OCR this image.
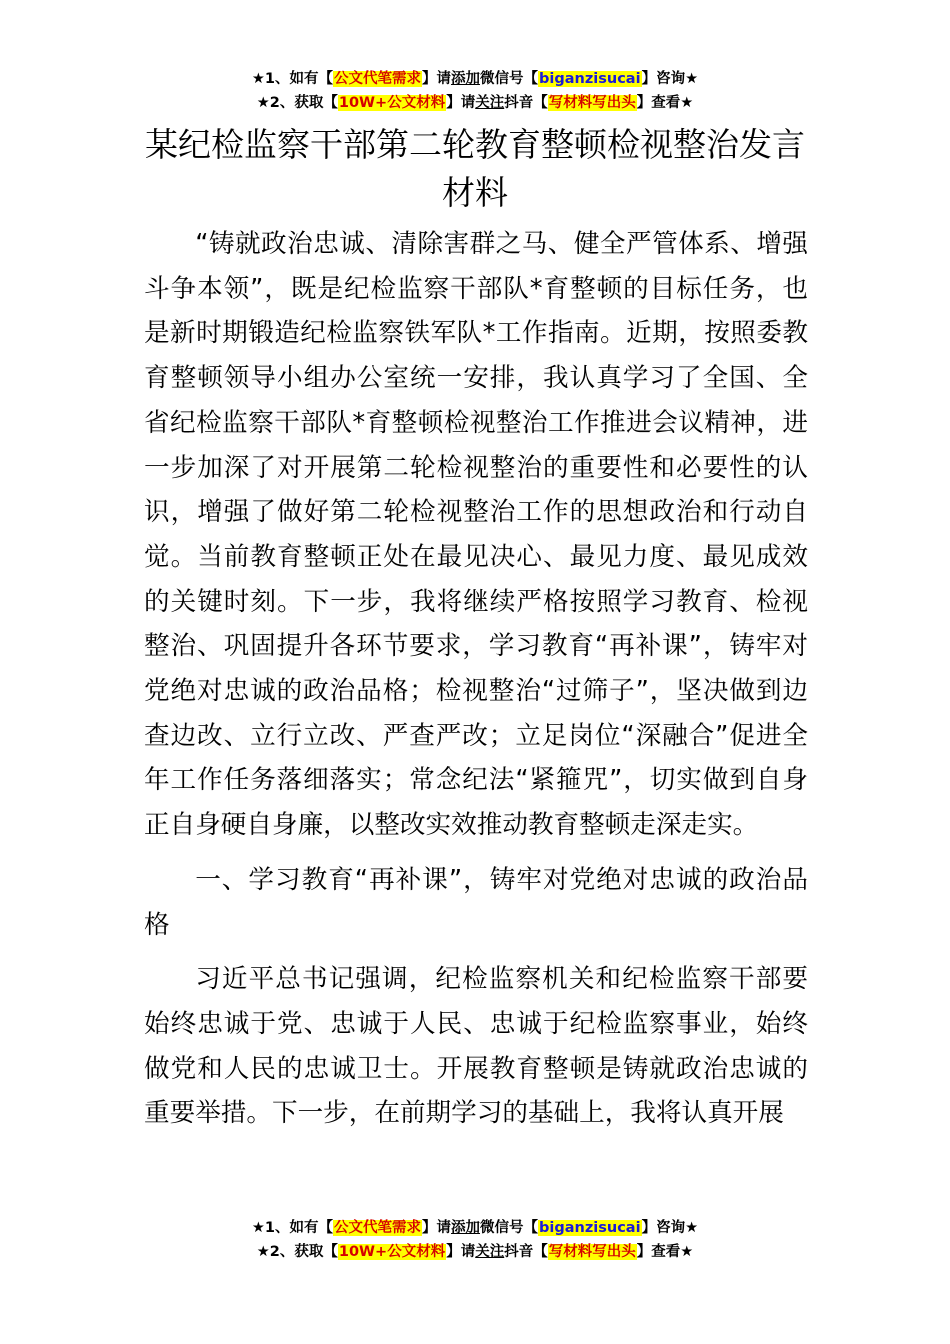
★1、如有【公文代笔需求】请添加微信号【biganzisucai】咨询★
★2、获取【10W+公文材料】请关注抖音【写材料写出头】查看★
某纪检监察干部第二轮教育整顿检视整治发言材料

“铸就政治忠诚、清除害群之马、健全严管体系、增强斗争本领”，既是纪检监察干部队*育整顿的目标任务，也是新时期锻造纪检监察铁军队*工作指南。近期，按照委教育整顿领导小组办公室统一安排，我认真学习了全国、全省纪检监察干部队*育整顿检视整治工作推进会议精神，进一步加深了对开展第二轮检视整治的重要性和必要性的认识，增强了做好第二轮检视整治工作的思想政治和行动自觉。当前教育整顿正处在最见决心、最见力度、最见成效的关键时刻。下一步，我将继续严格按照学习教育、检视整治、巩固提升各环节要求，学习教育“再补课”，铸牢对党绝对忠诚的政治品格；检视整治“过筛子”，坚决做到边查边改、立行立改、严查严改；立足岗位“深融合”促进全年工作任务落细落实；常念纪法“紧箍咒”，切实做到自身正自身硬自身廉，以整改实效推动教育整顿走深走实。

一、学习教育“再补课”，铸牢对党绝对忠诚的政治品格

习近平总书记强调，纪检监察机关和纪检监察干部要始终忠诚于党、忠诚于人民、忠诚于纪检监察事业，始终做党和人民的忠诚卫士。开展教育整顿是铸就政治忠诚的重要举措。下一步，在前期学习的基础上，我将认真开展

★1、如有【公文代笔需求】请添加微信号【biganzisucai】咨询★
★2、获取【10W+公文材料】请关注抖音【写材料写出头】查看★
